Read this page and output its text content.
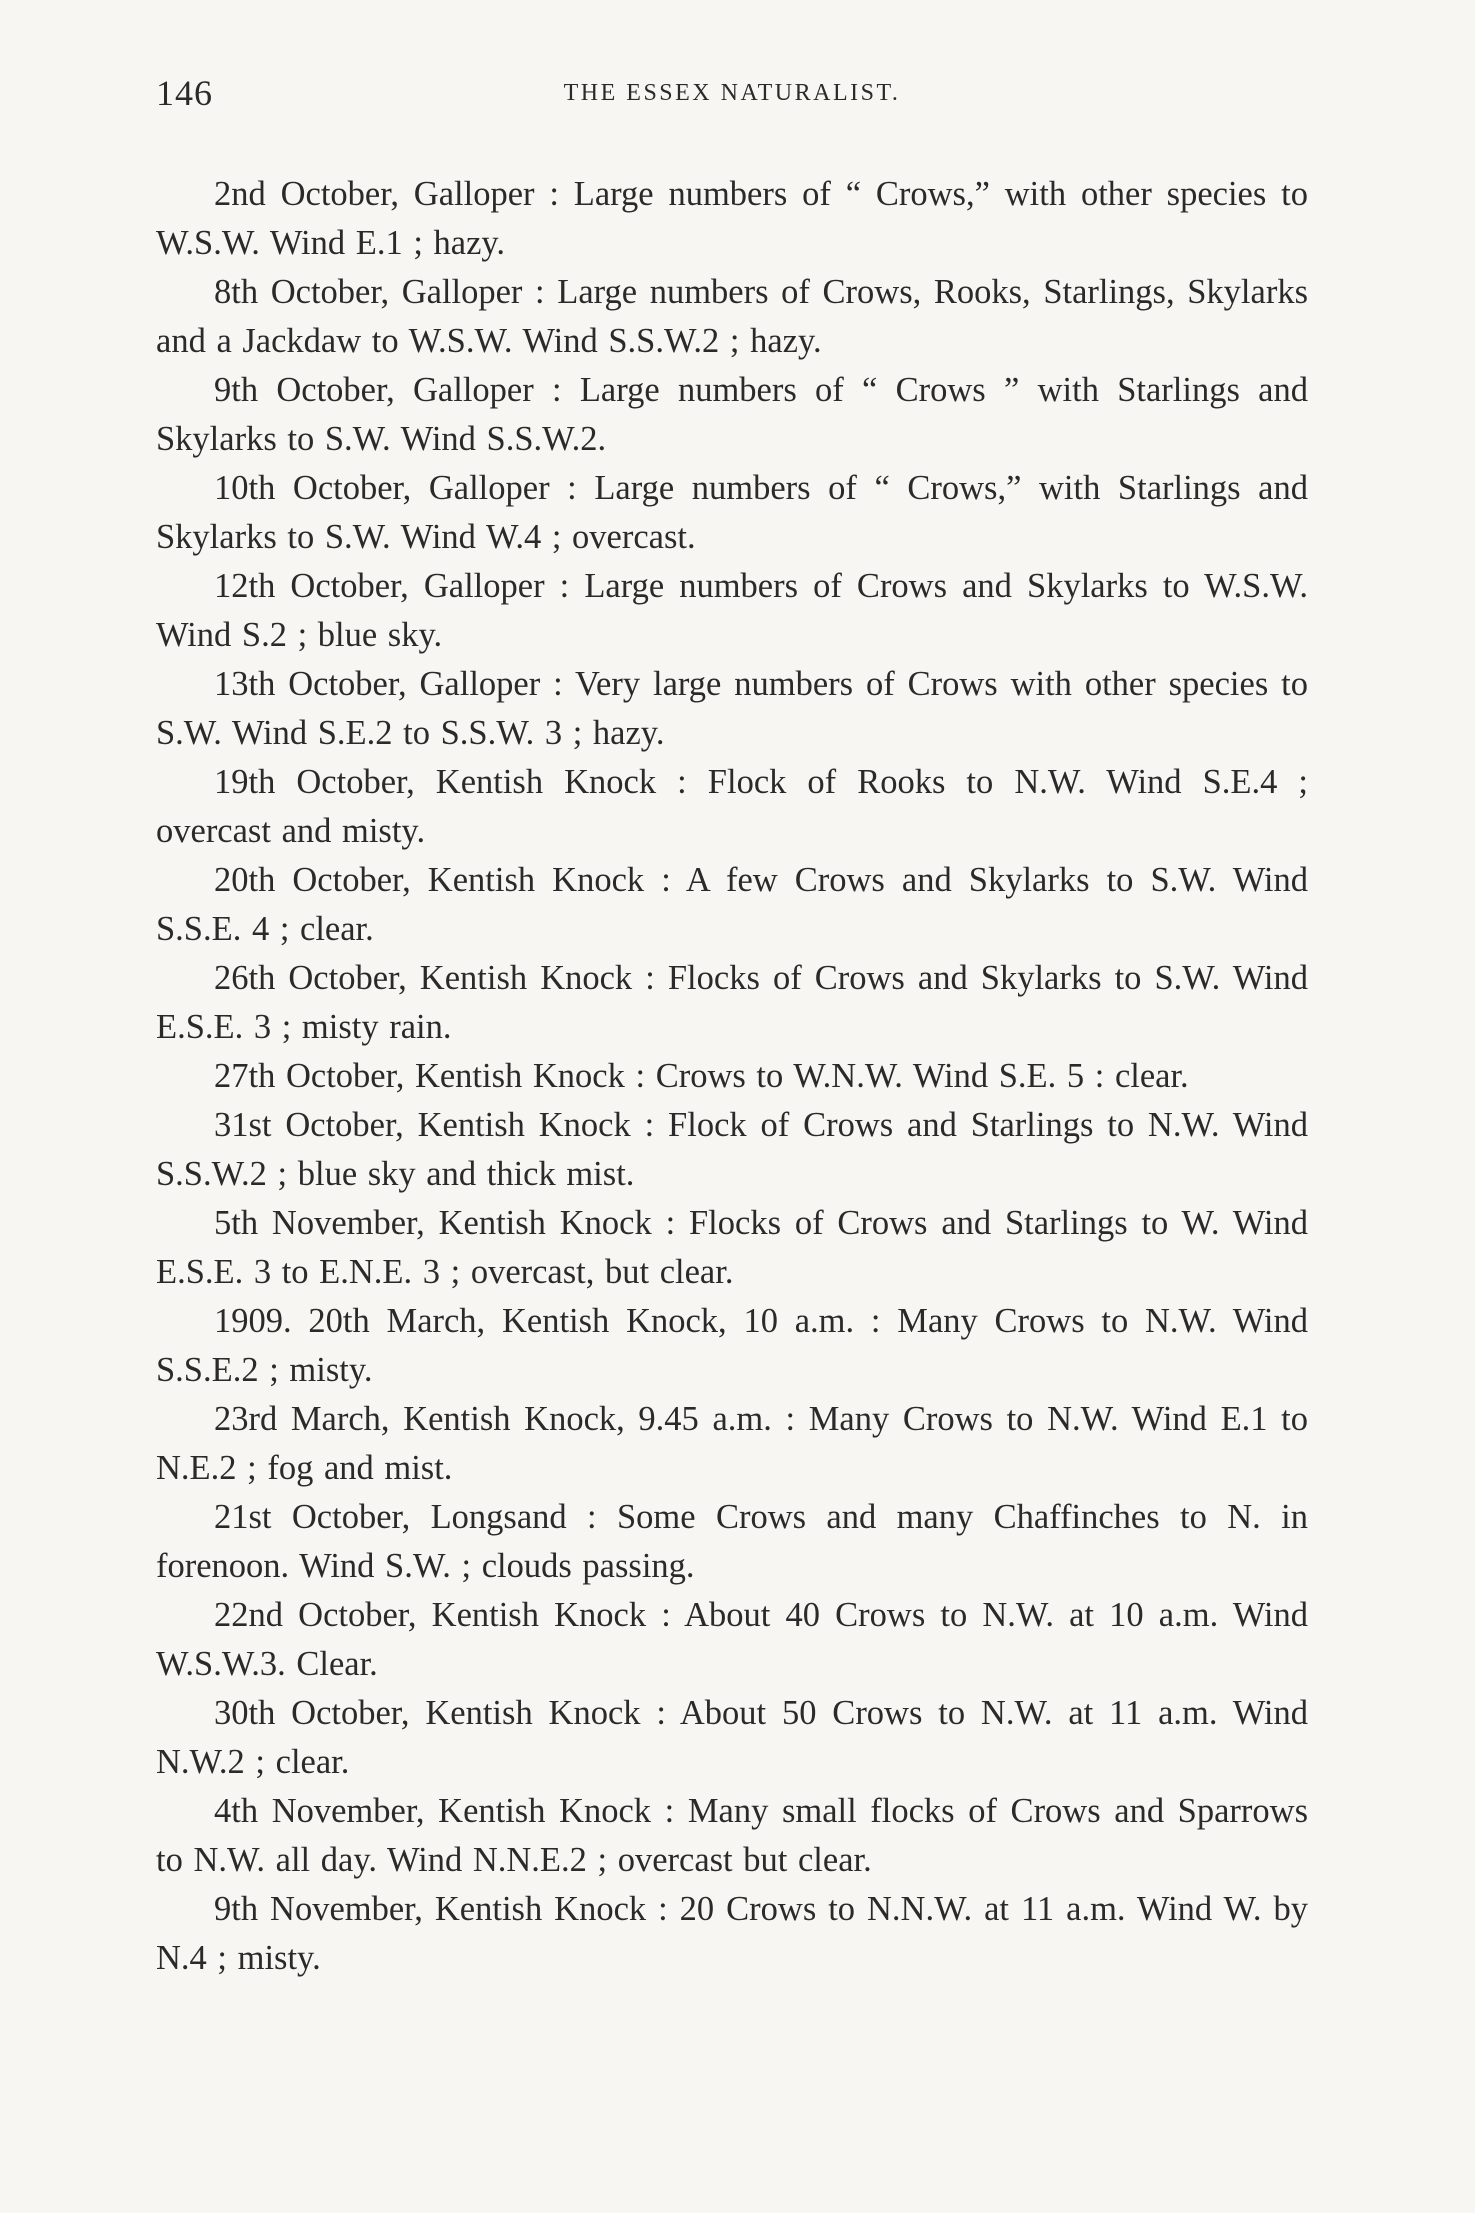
146	THE ESSEX NATURALIST.

2nd October, Galloper : Large numbers of “ Crows,” with other species to W.S.W. Wind E.1 ; hazy.

8th October, Galloper : Large numbers of Crows, Rooks, Starlings, Skylarks and a Jackdaw to W.S.W. Wind S.S.W.2 ; hazy.

9th October, Galloper : Large numbers of “ Crows ” with Starlings and Skylarks to S.W. Wind S.S.W.2.

10th October, Galloper : Large numbers of “ Crows,” with Starlings and Skylarks to S.W. Wind W.4 ; overcast.

12th October, Galloper : Large numbers of Crows and Skylarks to W.S.W. Wind S.2 ; blue sky.

13th October, Galloper : Very large numbers of Crows with other species to S.W. Wind S.E.2 to S.S.W. 3 ; hazy.

19th October, Kentish Knock : Flock of Rooks to N.W. Wind S.E.4 ; overcast and misty.

20th October, Kentish Knock : A few Crows and Skylarks to S.W. Wind S.S.E. 4 ; clear.

26th October, Kentish Knock : Flocks of Crows and Skylarks to S.W. Wind E.S.E. 3 ; misty rain.

27th October, Kentish Knock : Crows to W.N.W. Wind S.E. 5 : clear.

31st October, Kentish Knock : Flock of Crows and Starlings to N.W. Wind S.S.W.2 ; blue sky and thick mist.

5th November, Kentish Knock : Flocks of Crows and Starlings to W. Wind E.S.E. 3 to E.N.E. 3 ; overcast, but clear.

1909. 20th March, Kentish Knock, 10 a.m. : Many Crows to N.W. Wind S.S.E.2 ; misty.

23rd March, Kentish Knock, 9.45 a.m. : Many Crows to N.W. Wind E.1 to N.E.2 ; fog and mist.

21st October, Longsand : Some Crows and many Chaffinches to N. in forenoon. Wind S.W. ; clouds passing.

22nd October, Kentish Knock : About 40 Crows to N.W. at 10 a.m. Wind W.S.W.3. Clear.

30th October, Kentish Knock : About 50 Crows to N.W. at 11 a.m. Wind N.W.2 ; clear.

4th November, Kentish Knock : Many small flocks of Crows and Sparrows to N.W. all day. Wind N.N.E.2 ; overcast but clear.

9th November, Kentish Knock : 20 Crows to N.N.W. at 11 a.m. Wind W. by N.4 ; misty.
